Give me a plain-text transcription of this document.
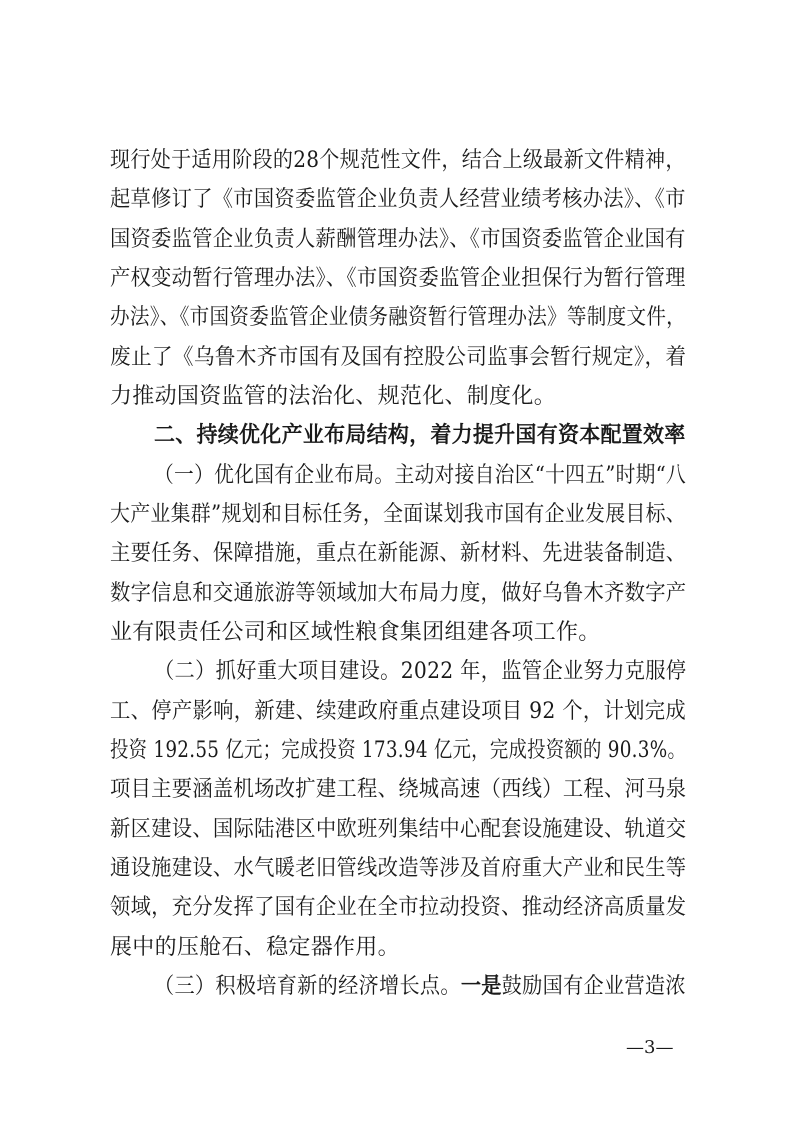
现行处于适用阶段的28个规范性文件，结合上级最新文件精神，
起草修订了《市国资委监管企业负责人经营业绩考核办法》、《市
国资委监管企业负责人薪酬管理办法》、《市国资委监管企业国有
产权变动暂行管理办法》、《市国资委监管企业担保行为暂行管理
办法》、《市国资委监管企业债务融资暂行管理办法》等制度文件，
废止了《乌鲁木齐市国有及国有控股公司监事会暂行规定》，着
力推动国资监管的法治化、规范化、制度化。
二、持续优化产业布局结构，着力提升国有资本配置效率
（一）优化国有企业布局。主动对接自治区“十四五”时期“八
大产业集群”规划和目标任务，全面谋划我市国有企业发展目标、
主要任务、保障措施，重点在新能源、新材料、先进装备制造、
数字信息和交通旅游等领域加大布局力度，做好乌鲁木齐数字产
业有限责任公司和区域性粮食集团组建各项工作。
（二）抓好重大项目建设。2022 年，监管企业努力克服停
工、停产影响，新建、续建政府重点建设项目 92 个，计划完成
投资 192.55 亿元；完成投资 173.94 亿元，完成投资额的 90.3%。
项目主要涵盖机场改扩建工程、绕城高速（西线）工程、河马泉
新区建设、国际陆港区中欧班列集结中心配套设施建设、轨道交
通设施建设、水气暖老旧管线改造等涉及首府重大产业和民生等
领域，充分发挥了国有企业在全市拉动投资、推动经济高质量发
展中的压舱石、稳定器作用。
（三）积极培育新的经济增长点。一是鼓励国有企业营造浓
—3—
